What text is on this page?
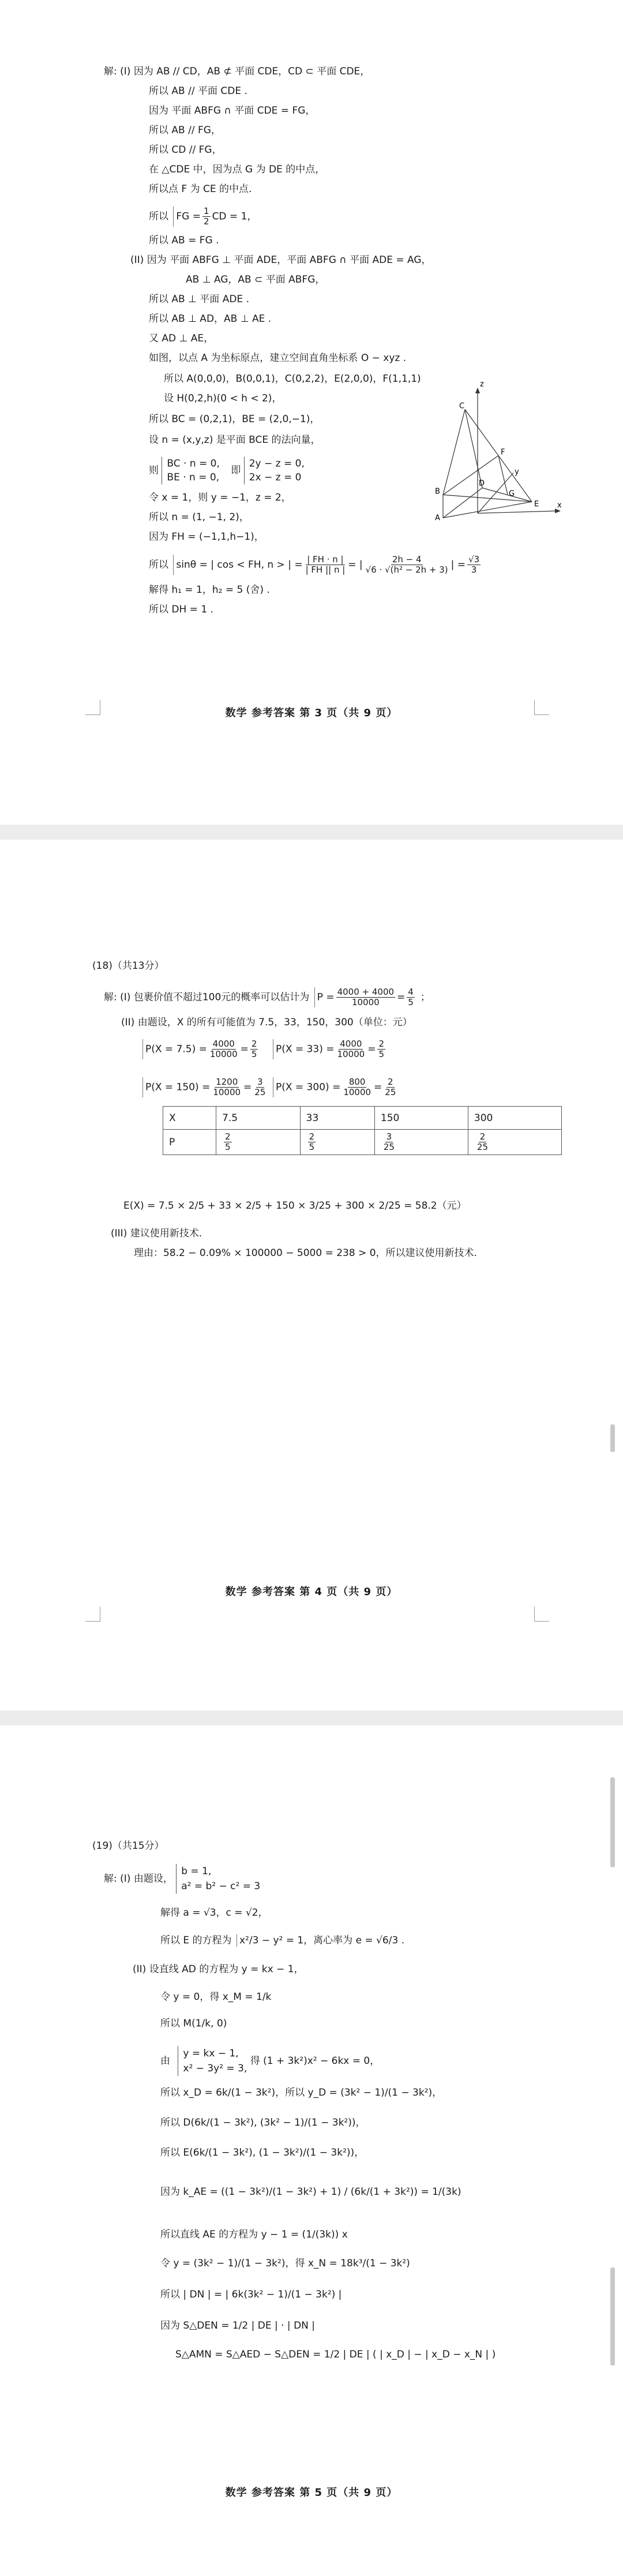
解: (I) 因为 AB // CD，AB ⊄ 平面 CDE，CD ⊂ 平面 CDE，
所以 AB // 平面 CDE .
因为 平面 ABFG ∩ 平面 CDE = FG，
所以 AB // FG，
所以 CD // FG，
在 △CDE 中，因为点 G 为 DE 的中点，
所以点 F 为 CE 的中点.
所以 FG = $\frac{1}{2}$ CD = 1，
所以 AB = FG .
(II) 因为 平面 ABFG ⊥ 平面 ADE，平面 ABFG ∩ 平面 ADE = AG，
AB ⊥ AG，AB ⊂ 平面 ABFG，
所以 AB ⊥ 平面 ADE .
所以 AB ⊥ AD，AB ⊥ AE .
又 AD ⊥ AE，
如图，以点 A 为坐标原点，建立空间直角坐标系 O − xyz .
所以 A(0,0,0)，B(0,0,1)，C(0,2,2)，E(2,0,0)，F(1,1,1)
设 H(0,2,h)(0 < h < 2)，
所以 BC = (0,2,1)，BE = (2,0,−1)，
设 n = (x,y,z) 是平面 BCE 的法向量，
则
BC · n = 0,
BE · n = 0,
即
2y − z = 0,
2x − z = 0
令 x = 1，则 y = −1，z = 2，
所以 n = (1, −1, 2)，
因为 FH = (−1,1,h−1)，
所以 sinθ = | cos < FH, n > | = $\frac{| FH \cdot n |}{| FH || n |}$ = | $\frac{2h - 4}{\text{√6 · √(h² − 2h + 3)}}$ | = $\frac{√3}{3}$
解得 h₁ = 1，h₂ = 5 (舍) .
所以 DH = 1 .
z
C
B
F
y
D
G
A
E x
数学 参考答案 第 3 页（共 9 页）
(18)（共13分）
解: (I) 包裹价值不超过100元的概率可以估计为 $P = \frac{4000 + 4000}{10000} = \frac{4}{5}$ ；
(II) 由题设，X 的所有可能值为 7.5，33，150，300（单位：元）
$P(X = 7.5) = \frac{4000}{10000} = \frac{2}{5}$	$P(X = 33) = \frac{4000}{10000} = \frac{2}{5}$
$P(X = 150) = \frac{1200}{10000} = \frac{3}{25} P(X = 300) = \frac{800}{10000} = \frac{2}{25}$
X	7.5	33	150	300
P	$\frac{2}{5}$	$\frac{2}{5}$	$\frac{3}{25}$	$\frac{2}{25}$
E(X) = 7.5 × 2/5 + 33 × 2/5 + 150 × 3/25 + 300 × 2/25 = 58.2（元）
(III) 建议使用新技术.
理由：58.2 − 0.09% × 100000 − 5000 = 238 > 0，所以建议使用新技术.
数学 参考答案 第 4 页（共 9 页）
(19)（共15分）
解: (I) 由题设，
b = 1,
a² = b² − c² = 3
解得 a = √3，c = √2，
所以 E 的方程为 x²/3 − y² = 1，离心率为 e = √6/3 .
(II) 设直线 AD 的方程为 y = kx − 1，
令 y = 0，得 x_M = 1/k
所以 M(1/k, 0)
由
y = kx − 1,
x² − 3y² = 3,
得 (1 + 3k²)x² − 6kx = 0，
所以 x_D = 6k/(1 − 3k²)，所以 y_D = (3k² − 1)/(1 − 3k²)，
所以 D(6k/(1 − 3k²), (3k² − 1)/(1 − 3k²))，
所以 E(6k/(1 − 3k²), (1 − 3k²)/(1 − 3k²))，
因为 k_AE = ((1 − 3k²)/(1 − 3k²) + 1) / (6k/(1 + 3k²)) = 1/(3k)
所以直线 AE 的方程为 y − 1 = (1/(3k)) x
令 y = (3k² − 1)/(1 − 3k²)，得 x_N = 18k³/(1 − 3k²)
所以 | DN | = | 6k(3k² − 1)/(1 − 3k²) |
因为 S△DEN = 1/2 | DE | · | DN |
S△AMN = S△AED − S△DEN = 1/2 | DE | ( | x_D | − | x_D − x_N | )
数学 参考答案 第 5 页（共 9 页）
